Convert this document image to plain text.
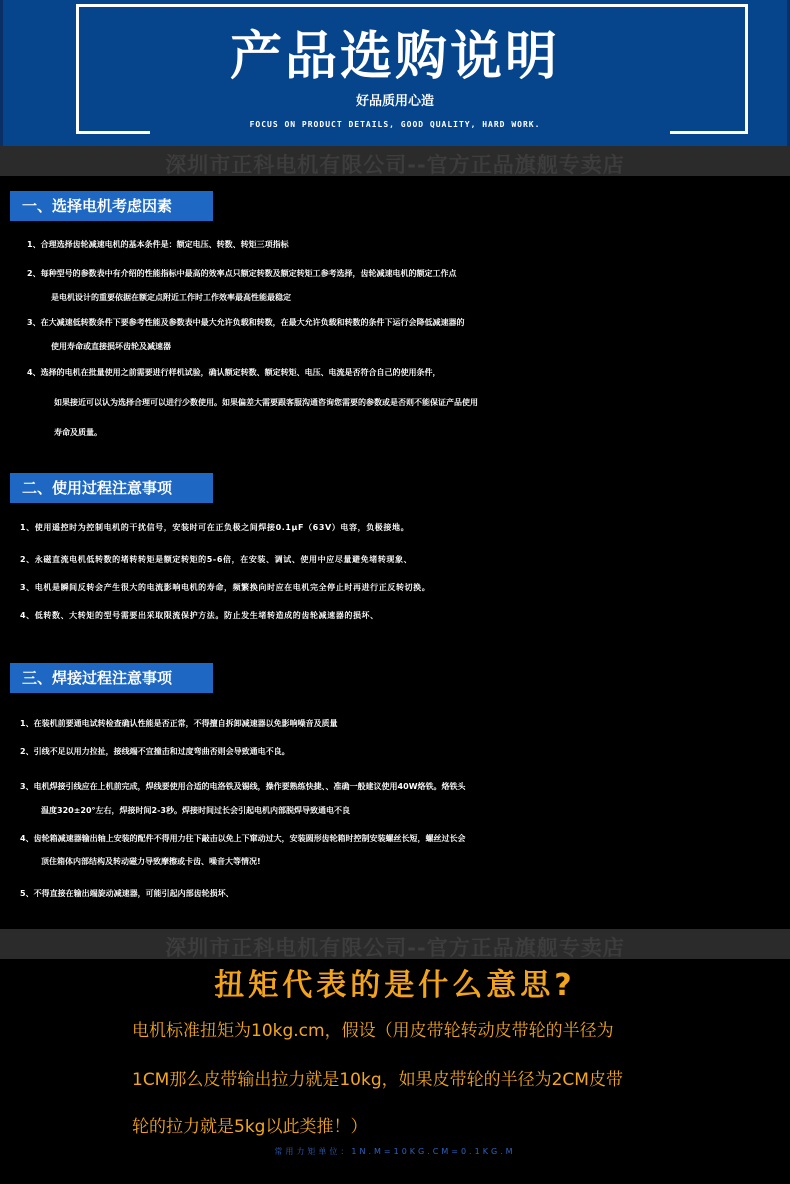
产品选购说明
好品质用心造
FOCUS ON PRODUCT DETAILS, GOOD QUALITY, HARD WORK.
深圳市正科电机有限公司--官方正品旗舰专卖店
一、选择电机考虑因素
1、合理选择齿轮减速电机的基本条件是：额定电压、转数、转矩三项指标
2、每种型号的参数表中有介绍的性能指标中最高的效率点只额定转数及额定转矩工参考选择，齿轮减速电机的额定工作点
是电机设计的重要依据在额定点附近工作时工作效率最高性能最稳定
3、在大减速低转数条件下要参考性能及参数表中最大允许负载和转数，在最大允许负载和转数的条件下运行会降低减速器的
使用寿命或直接损坏齿轮及减速器
4、选择的电机在批量使用之前需要进行样机试验，确认额定转数、额定转矩、电压、电流是否符合自己的使用条件，
如果接近可以认为选择合理可以进行少数使用。如果偏差大需要跟客服沟通咨询您需要的参数或是否则不能保证产品使用
寿命及质量。
二、使用过程注意事项
1、使用遥控时为控制电机的干扰信号，安装时可在正负极之间焊接0.1μF（63V）电容，负极接地。
2、永磁直流电机低转数的堵转转矩是额定转矩的5-6倍，在安装、调试、使用中应尽量避免堵转现象、
3、电机是瞬间反转会产生很大的电流影响电机的寿命，频繁换向时应在电机完全停止时再进行正反转切换。
4、低转数、大转矩的型号需要出采取限流保护方法。防止发生堵转造成的齿轮减速器的损坏、
三、焊接过程注意事项
1、在装机前要通电试转检查确认性能是否正常，不得擅自拆卸减速器以免影响噪音及质量
2、引线不足以用力拉扯，接线端不宜撞击和过度弯曲否则会导致通电不良。
3、电机焊接引线应在上机前完成，焊线要使用合适的电洛铁及锡线，操作要熟练快捷、、准确一般建议使用40W烙铁。烙铁头
温度320±20°左右，焊接时间2-3秒。焊接时间过长会引起电机内部脱焊导致通电不良
4、齿轮箱减速器输出轴上安装的配件不得用力往下敲击以免上下窜动过大，安装圆形齿轮箱时控制安装螺丝长短，螺丝过长会
顶住箱体内部结构及转动磁力导致摩擦或卡齿、噪音大等情况!
5、不得直接在输出端旋动减速器，可能引起内部齿轮损坏、
深圳市正科电机有限公司--官方正品旗舰专卖店
扭矩代表的是什么意思?
电机标准扭矩为10kg.cm，假设（用皮带轮转动皮带轮的半径为
1CM那么皮带输出拉力就是10kg，如果皮带轮的半径为2CM皮带
轮的拉力就是5kg以此类推！）
常用力矩单位：1N.M=10KG.CM=0.1KG.M
